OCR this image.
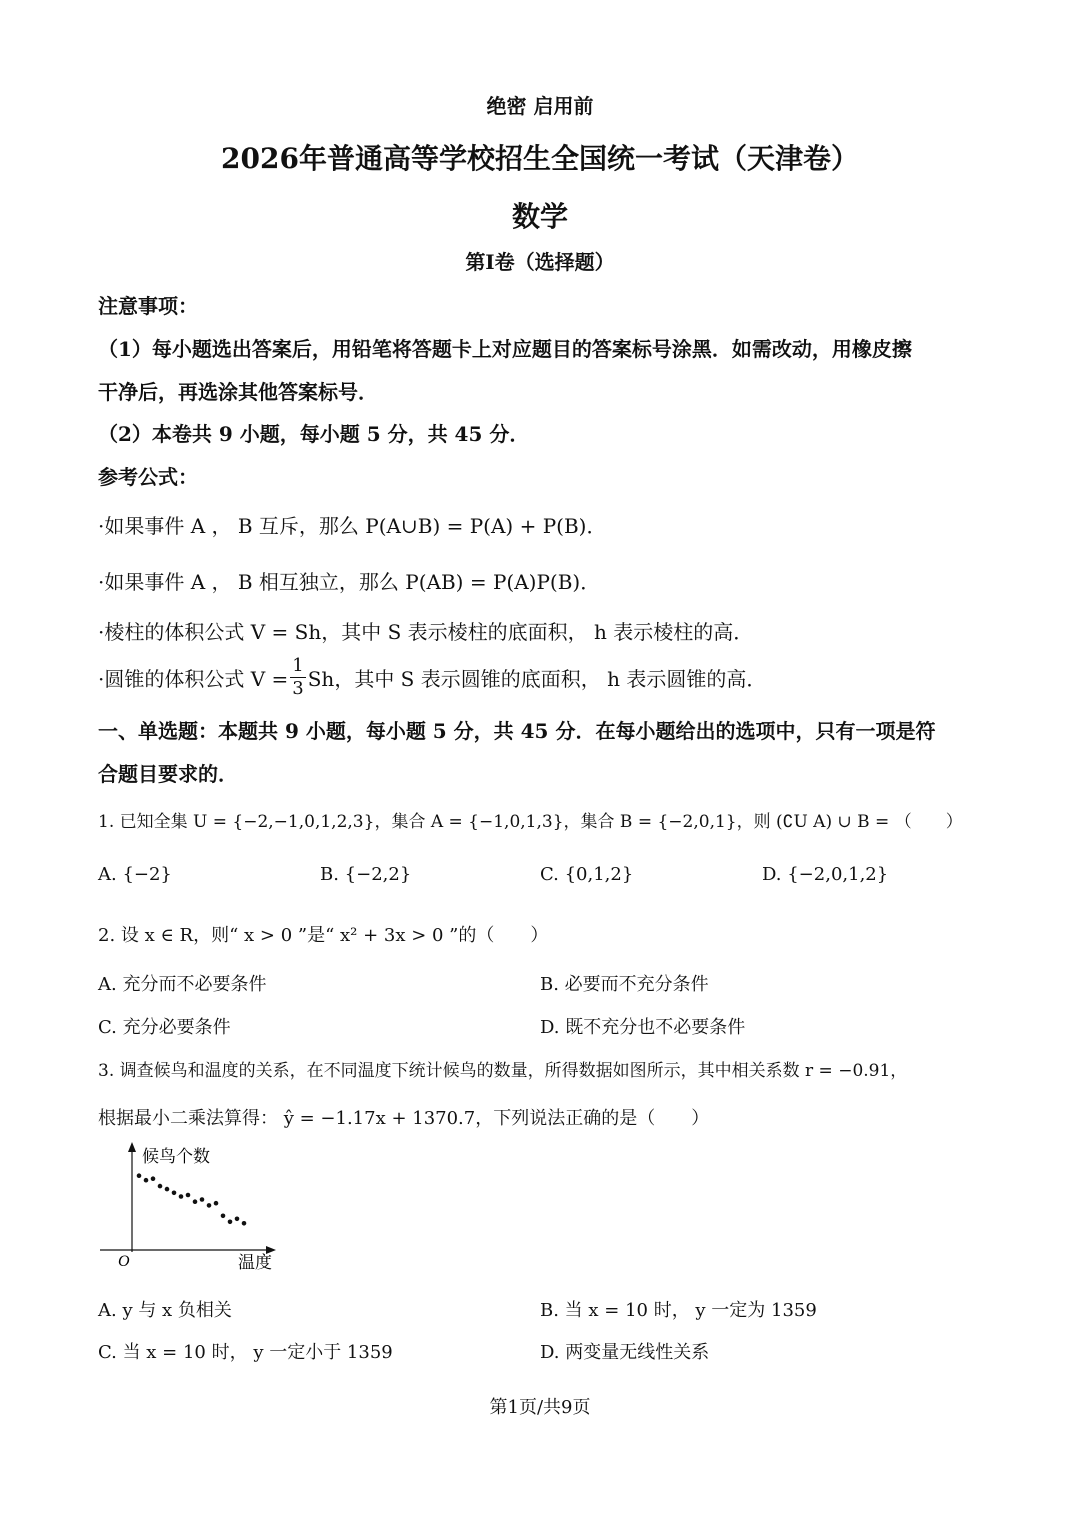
绝密 启用前
2026年普通高等学校招生全国统一考试（天津卷）
数学
第I卷（选择题）
注意事项：
（1）每小题选出答案后，用铅笔将答题卡上对应题目的答案标号涂黑．如需改动，用橡皮擦
干净后，再选涂其他答案标号．
（2）本卷共 9 小题，每小题 5 分，共 45 分．
参考公式：
·如果事件 A ， B 互斥，那么 P(A∪B) = P(A) + P(B)．
·如果事件 A ， B 相互独立，那么 P(AB) = P(A)P(B)．
·棱柱的体积公式 V = Sh，其中 S 表示棱柱的底面积， h 表示棱柱的高．
·圆锥的体积公式 $V = \frac{1}{3}$ Sh，其中 S 表示圆锥的底面积， h 表示圆锥的高．
一、单选题：本题共 9 小题，每小题 5 分，共 45 分．在每小题给出的选项中，只有一项是符
合题目要求的．
1. 已知全集 U = {−2,−1,0,1,2,3}，集合 A = {−1,0,1,3}，集合 B = {−2,0,1}，则 (∁U A) ∪ B = （　　）
A. {−2}	B. {−2,2}	C. {0,1,2}	D. {−2,0,1,2}
2. 设 x ∈ R，则“ x > 0 ”是“ x² + 3x > 0 ”的（　　）
A. 充分而不必要条件	B. 必要而不充分条件
C. 充分必要条件	D. 既不充分也不必要条件
3. 调查候鸟和温度的关系，在不同温度下统计候鸟的数量，所得数据如图所示，其中相关系数 r = −0.91，
根据最小二乘法算得： ŷ = −1.17x + 1370.7，下列说法正确的是（　　）
候鸟个数
温度
O
A. y 与 x 负相关	B. 当 x = 10 时， y 一定为 1359
C. 当 x = 10 时， y 一定小于 1359	D. 两变量无线性关系
第1页/共9页
